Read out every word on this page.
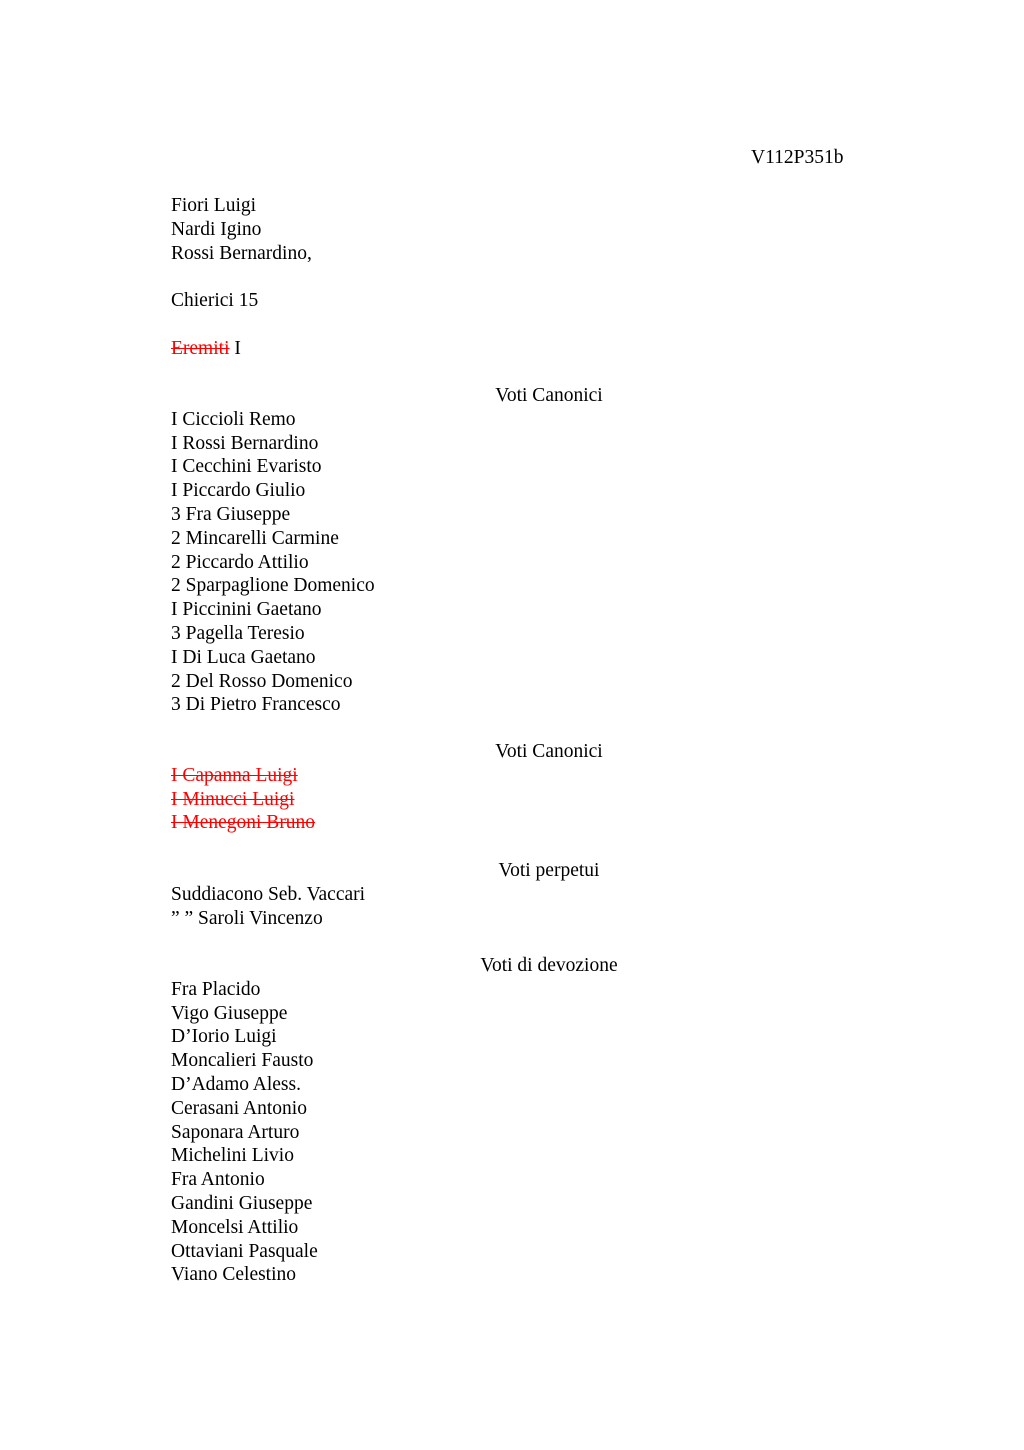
V112P351b
Fiori Luigi
Nardi Igino
Rossi Bernardino,
Chierici 15
Eremiti I
Voti Canonici
I Ciccioli Remo
I Rossi Bernardino
I Cecchini Evaristo
I Piccardo Giulio
3 Fra Giuseppe
2 Mincarelli Carmine
2 Piccardo Attilio
2 Sparpaglione Domenico
I Piccinini Gaetano
3 Pagella Teresio
I Di Luca Gaetano
2 Del Rosso Domenico
3 Di Pietro Francesco
Voti Canonici
I Capanna Luigi
I Minucci Luigi
I Menegoni Bruno
Voti perpetui
Suddiacono Seb. Vaccari
” ” Saroli Vincenzo
Voti di devozione
Fra Placido
Vigo Giuseppe
D’Iorio Luigi
Moncalieri Fausto
D’Adamo Aless.
Cerasani Antonio
Saponara Arturo
Michelini Livio
Fra Antonio
Gandini Giuseppe
Moncelsi Attilio
Ottaviani Pasquale
Viano Celestino
